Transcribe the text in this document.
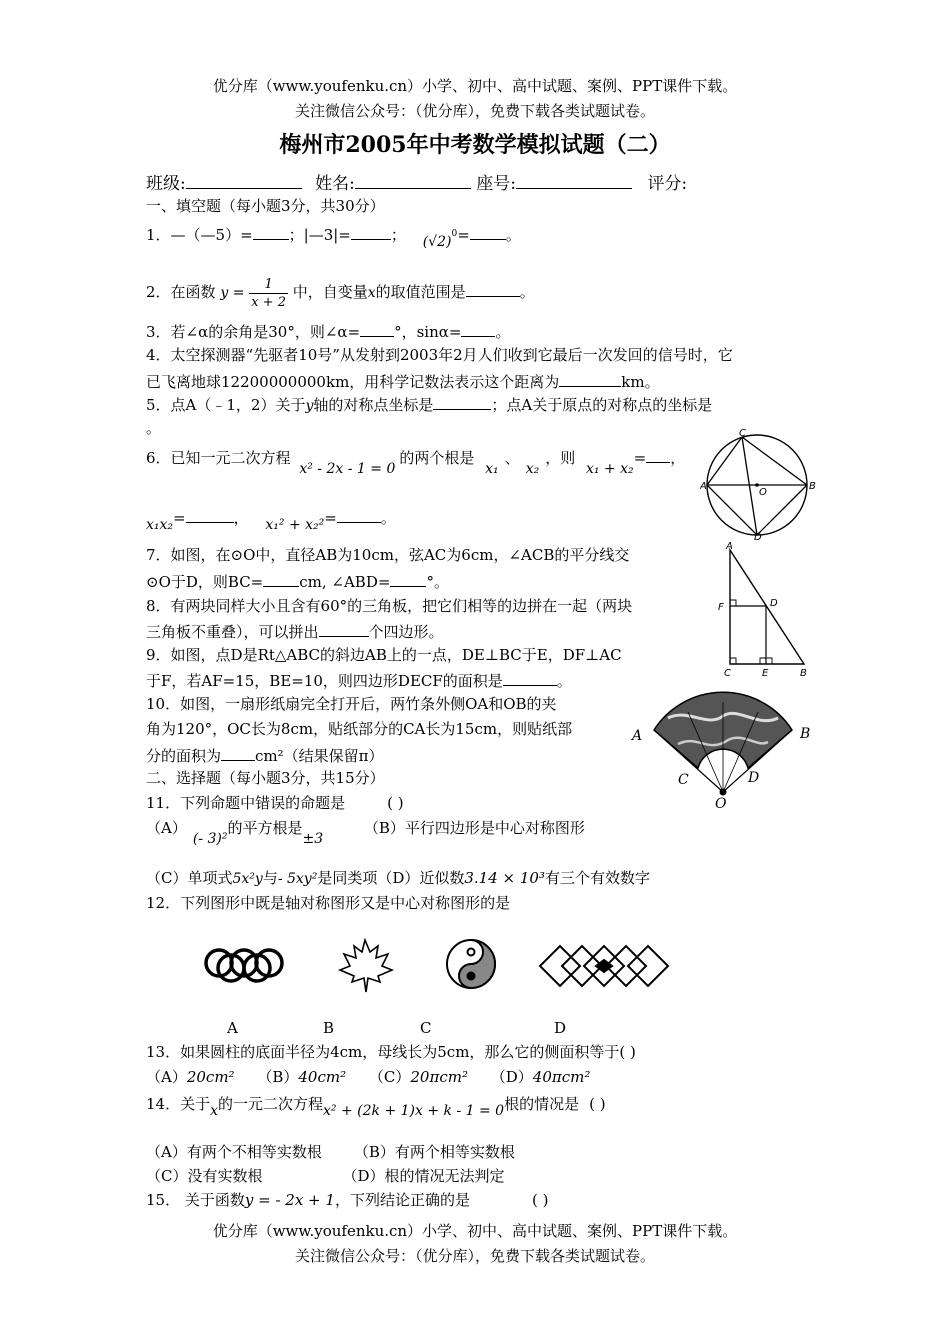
优分库（www.youfenku.cn）小学、初中、高中试题、案例、PPT课件下载。
关注微信公众号：（优分库），免费下载各类试题试卷。
梅州市2005年中考数学模拟试题（二）
班级:	姓名:	座号:	评分:
一、填空题（每小题3分，共30分）
1．—（—5）= ；|—3|=	； $(√2)^0=$ 。
2．在函数 $y = \frac{1}{x + 2}$ 中，自变量x的取值范围是	。
3．若∠α的余角是30°，则∠α= °，sinα= 。
4．太空探测器“先驱者10号”从发射到2003年2月人们收到它最后一次发回的信号时，它
已飞离地球12200000000km，用科学记数法表示这个距离为	km。
5．点A（﹣1，2）关于y轴的对称点坐标是	；点A关于原点的对称点的坐标是
。
6．已知一元二次方程 x² - 2x - 1 = 0的两个根是 x₁、x₂，则 x₁ + x₂= ，
x₁x₂=	， x₁² + x₂²=	。
7．如图，在⊙O中，直径AB为10cm，弦AC为6cm，∠ACB的平分线交
⊙O于D，则BC= cm, ∠ABD= °。
8．有两块同样大小且含有60°的三角板，把它们相等的边拼在一起（两块
三角板不重叠），可以拼出	个四边形。
9．如图，点D是Rt△ABC的斜边AB上的一点，DE⊥BC于E，DF⊥AC
于F，若AF=15，BE=10，则四边形DECF的面积是	。
10．如图，一扇形纸扇完全打开后，两竹条外侧OA和OB的夹
角为120°，OC长为8cm，贴纸部分的CA长为15cm，则贴纸部
分的面积为 cm²（结果保留π）
二、选择题（每小题3分，共15分）
11．下列命题中错误的命题是	( )
（A）(- 3)²的平方根是±3 （B）平行四边形是中心对称图形
（C）单项式5x²y与- 5xy²是同类项（D）近似数3.14 × 10³有三个有效数字
12．下列图形中既是轴对称图形又是中心对称图形的是
A	B	C	D
13．如果圆柱的底面半径为4cm，母线长为5cm，那么它的侧面积等于( )
（A）20cm² （B）40cm² （C）20πcm² （D）40πcm²
14．关于x的一元二次方程x² + (2k + 1)x + k - 1 = 0根的情况是 ( )
（A）有两个不相等实数根 （B）有两个相等实数根
（C）没有实数根	（D）根的情况无法判定
15． 关于函数y = - 2x + 1，下列结论正确的是	( )
优分库（www.youfenku.cn）小学、初中、高中试题、案例、PPT课件下载。
关注微信公众号：（优分库），免费下载各类试题试卷。
C
A
O
B
D
A
F	D
C	E	B
A	B
C	D
O
